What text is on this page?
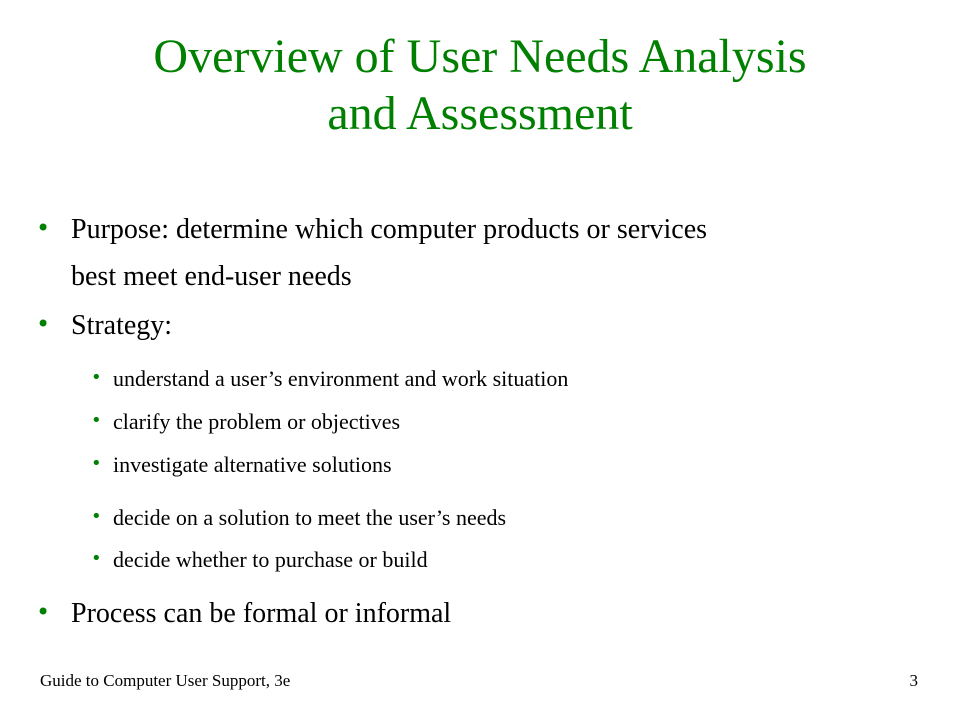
Overview of User Needs Analysis
and Assessment
• Purpose: determine which computer products or services
best meet end-user needs
• Strategy:
• understand a user’s environment and work situation
• clarify the problem or objectives
• investigate alternative solutions
• decide on a solution to meet the user’s needs
• decide whether to purchase or build
• Process can be formal or informal
Guide to Computer User Support, 3e	3
